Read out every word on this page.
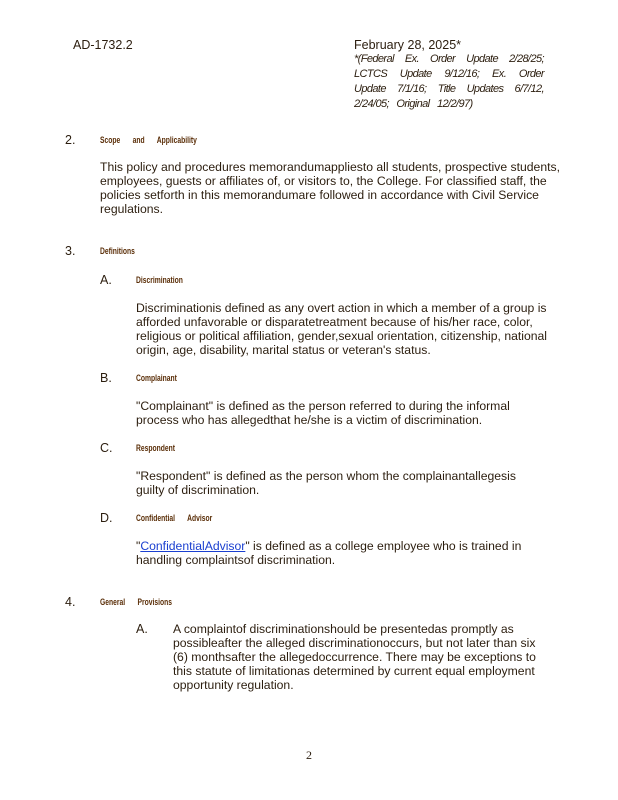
AD-1732.2	February 28, 2025*
*(Federal Ex. Order Update 2/28/25; LCTCS Update 9/12/16; Ex. Order Update 7/1/16; Title Updates 6/7/12, 2/24/05; Original 12/2/97)
2.	Scope and Applicability
This policy and procedures memorandumappliesto all students, prospective students, employees, guests or affiliates of, or visitors to, the College. For classified staff, the policies setforth in this memorandumare followed in accordance with Civil Service regulations.
3.	Definitions
A.	Discrimination
Discriminationis defined as any overt action in which a member of a group is afforded unfavorable or disparatetreatment because of his/her race, color, religious or political affiliation, gender,sexual orientation, citizenship, national origin, age, disability, marital status or veteran's status.
B.	Complainant
"Complainant" is defined as the person referred to during the informal process who has allegedthat he/she is a victim of discrimination.
C.	Respondent
"Respondent" is defined as the person whom the complainantallegesis guilty of discrimination.
D.	Confidential Advisor
"ConfidentialAdvisor" is defined as a college employee who is trained in handling complaintsof discrimination.
4.	General Provisions
A. A complaintof discriminationshould be presentedas promptly as possibleafter the alleged discriminationoccurs, but not later than six (6) monthsafter the allegedoccurrence. There may be exceptions to this statute of limitationas determined by current equal employment opportunity regulation.
2
